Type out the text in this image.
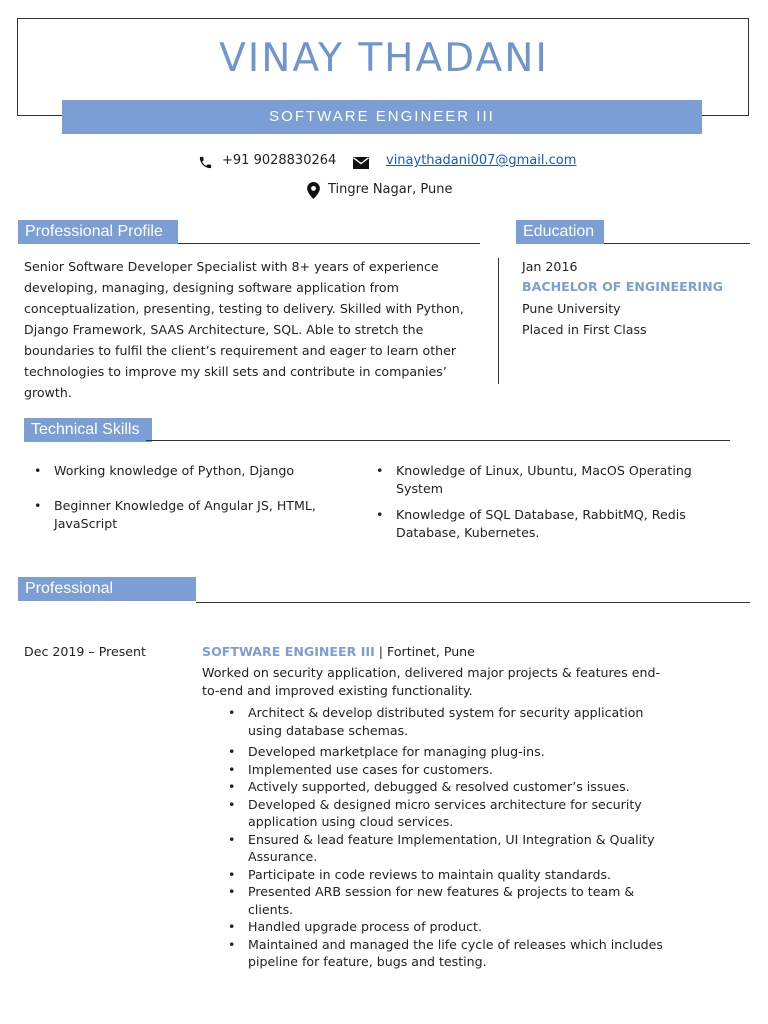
VINAY THADANI
SOFTWARE ENGINEER III
+91 9028830264	vinaythadani007@gmail.com
Tingre Nagar, Pune
Professional Profile
Senior Software Developer Specialist with 8+ years of experience developing, managing, designing software application from conceptualization, presenting, testing to delivery. Skilled with Python, Django Framework, SAAS Architecture, SQL. Able to stretch the boundaries to fulfil the client’s requirement and eager to learn other technologies to improve my skill sets and contribute in companies’ growth.
Education
Jan 2016
BACHELOR OF ENGINEERING
Pune University
Placed in First Class
Technical Skills
• Working knowledge of Python, Django
• Beginner Knowledge of Angular JS, HTML, JavaScript
• Knowledge of Linux, Ubuntu, MacOS Operating System
• Knowledge of SQL Database, RabbitMQ, Redis Database, Kubernetes.
Professional Experience
Dec 2019 – Present	SOFTWARE ENGINEER III | Fortinet, Pune
Worked on security application, delivered major projects & features end-to-end and improved existing functionality.
• Architect & develop distributed system for security application using database schemas.
• Developed marketplace for managing plug-ins.
• Implemented use cases for customers.
• Actively supported, debugged & resolved customer’s issues.
• Developed & designed micro services architecture for security application using cloud services.
• Ensured & lead feature Implementation, UI Integration & Quality Assurance.
• Participate in code reviews to maintain quality standards.
• Presented ARB session for new features & projects to team & clients.
• Handled upgrade process of product.
• Maintained and managed the life cycle of releases which includes pipeline for feature, bugs and testing.
